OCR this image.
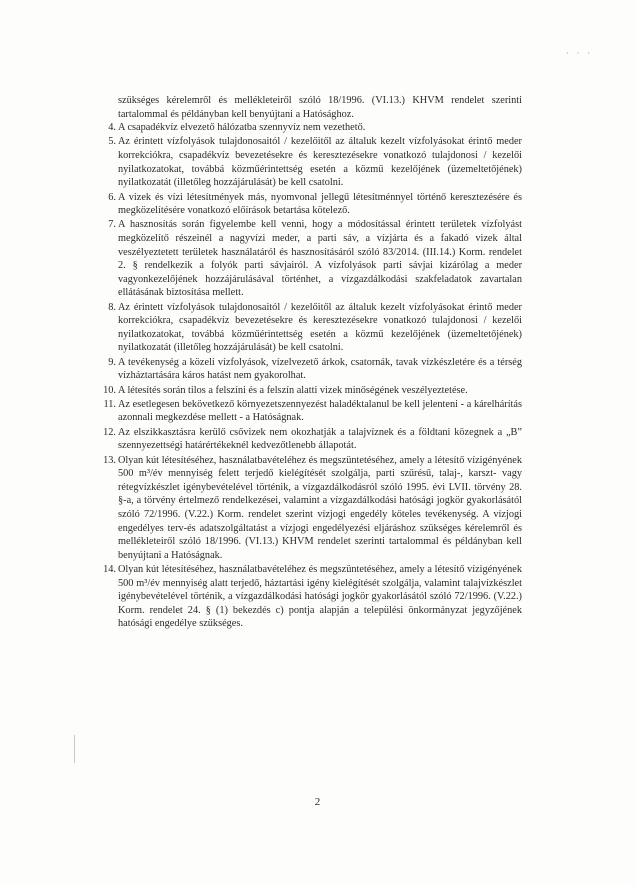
· · ·

szükséges kérelemről és mellékleteiről szóló 18/1996. (VI.13.) KHVM rendelet szerinti tartalommal és példányban kell benyújtani a Hatósághoz.

4. A csapadékvíz elvezető hálózatba szennyvíz nem vezethető.
5. Az érintett vízfolyások tulajdonosaitól / kezelőitől az általuk kezelt vízfolyásokat érintő meder korrekciókra, csapadékvíz bevezetésekre és keresztezésekre vonatkozó tulajdonosi / kezelői nyilatkozatokat, továbbá közműérintettség esetén a közmű kezelőjének (üzemeltetőjének) nyilatkozatát (illetőleg hozzájárulását) be kell csatolni.
6. A vizek és vízi létesítmények más, nyomvonal jellegű létesítménnyel történő keresztezésére és megközelítésére vonatkozó előírások betartása kötelező.
7. A hasznosítás során figyelembe kell venni, hogy a módosítással érintett területek vízfolyást megközelítő részeinél a nagyvízi meder, a parti sáv, a vízjárta és a fakadó vizek által veszélyeztetett területek használatáról és hasznosításáról szóló 83/2014. (III.14.) Korm. rendelet 2. § rendelkezik a folyók parti sávjairól. A vízfolyások parti sávjai kizárólag a meder vagyonkezelőjének hozzájárulásával történhet, a vízgazdálkodási szakfeladatok zavartalan ellátásának biztosítása mellett.
8. Az érintett vízfolyások tulajdonosaitól / kezelőitől az általuk kezelt vízfolyásokat érintő meder korrekciókra, csapadékvíz bevezetésekre és keresztezésekre vonatkozó tulajdonosi / kezelői nyilatkozatokat, továbbá közműérintettség esetén a közmű kezelőjének (üzemeltetőjének) nyilatkozatát (illetőleg hozzájárulását) be kell csatolni.
9. A tevékenység a közeli vízfolyások, vízelvezető árkok, csatornák, tavak vízkészletére és a térség vízháztartására káros hatást nem gyakorolhat.
10. A létesítés során tilos a felszíni és a felszín alatti vizek minőségének veszélyeztetése.
11. Az esetlegesen bekövetkező környezetszennyezést haladéktalanul be kell jelenteni - a kárelhárítás azonnali megkezdése mellett - a Hatóságnak.
12. Az elszikkasztásra kerülő csővizek nem okozhatják a talajvíznek és a földtani közegnek a „B” szennyezettségi határértékeknél kedvezőtlenebb állapotát.
13. Olyan kút létesítéséhez, használatbavételéhez és megszüntetéséhez, amely a létesítő vízigényének 500 m³/év mennyiség felett terjedő kielégítését szolgálja, parti szűrésű, talaj-, karszt- vagy rétegvízkészlet igénybevételével történik, a vízgazdálkodásról szóló 1995. évi LVII. törvény 28. §-a, a törvény értelmező rendelkezései, valamint a vízgazdálkodási hatósági jogkör gyakorlásától szóló 72/1996. (V.22.) Korm. rendelet szerint vízjogi engedély köteles tevékenység. A vízjogi engedélyes terv-és adatszolgáltatást a vízjogi engedélyezési eljáráshoz szükséges kérelemről és mellékleteiről szóló 18/1996. (VI.13.) KHVM rendelet szerinti tartalommal és példányban kell benyújtani a Hatóságnak.
14. Olyan kút létesítéséhez, használatbavételéhez és megszüntetéséhez, amely a létesítő vízigényének 500 m³/év mennyiség alatt terjedő, háztartási igény kielégítését szolgálja, valamint talajvízkészlet igénybevételével történik, a vízgazdálkodási hatósági jogkör gyakorlásától szóló 72/1996. (V.22.) Korm. rendelet 24. § (1) bekezdés c) pontja alapján a települési önkormányzat jegyzőjének hatósági engedélye szükséges.
2
